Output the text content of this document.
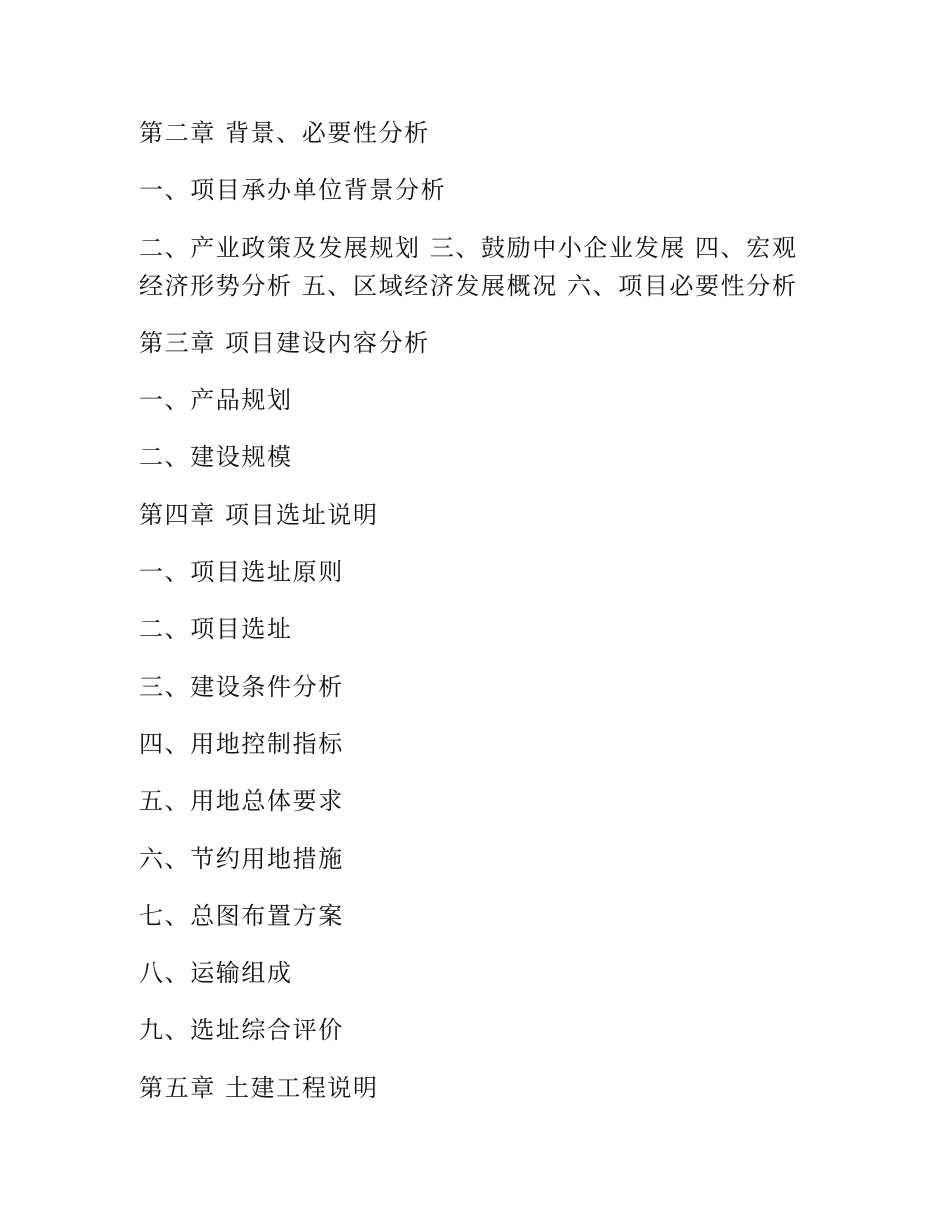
第二章 背景、必要性分析

一、项目承办单位背景分析

二、产业政策及发展规划 三、鼓励中小企业发展 四、宏观经济形势分析 五、区域经济发展概况 六、项目必要性分析

第三章 项目建设内容分析

一、产品规划

二、建设规模

第四章 项目选址说明

一、项目选址原则

二、项目选址

三、建设条件分析

四、用地控制指标

五、用地总体要求

六、节约用地措施

七、总图布置方案

八、运输组成

九、选址综合评价

第五章 土建工程说明
